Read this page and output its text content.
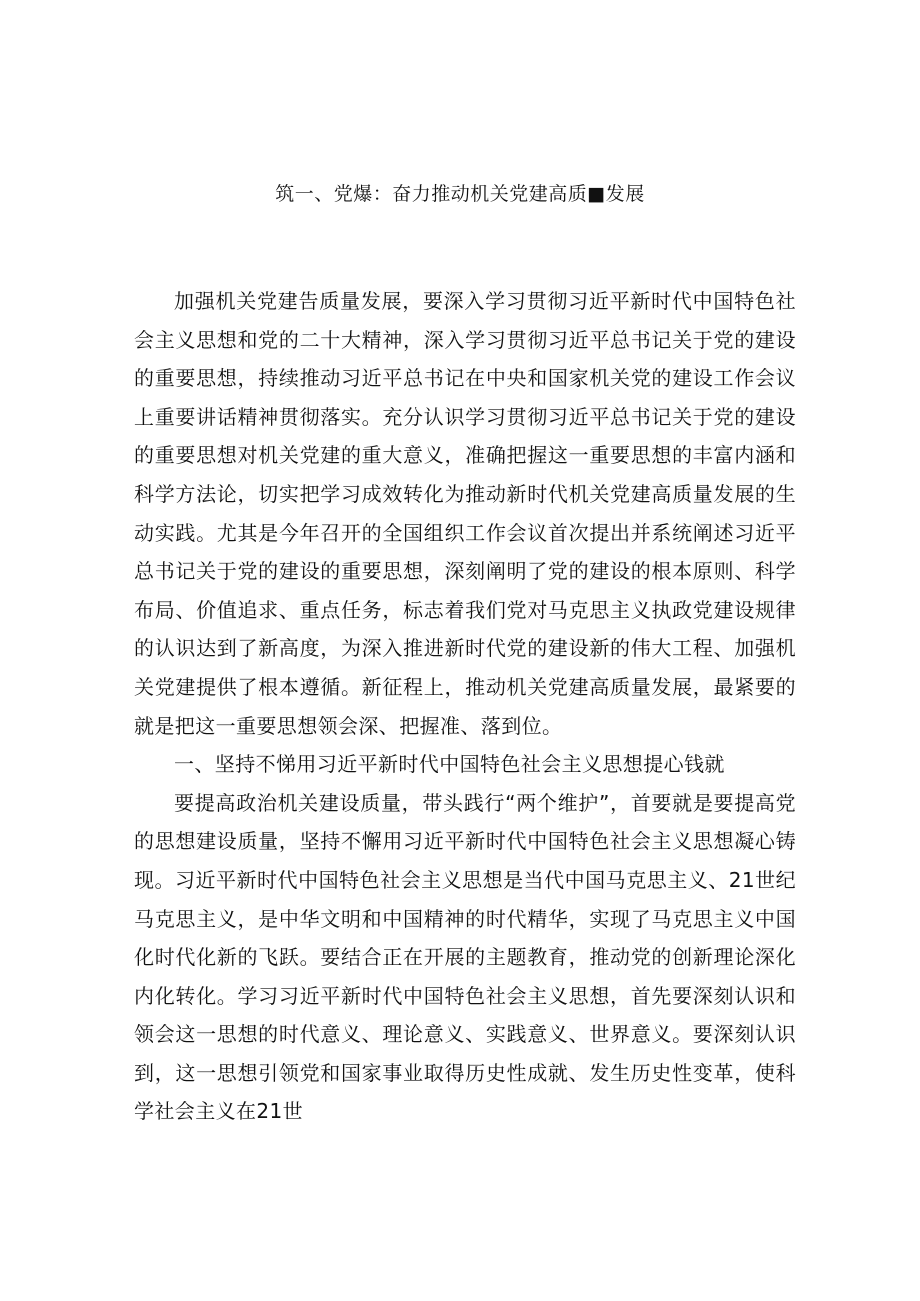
筑一、党爆：奋力推动机关党建高质■发展

加强机关党建告质量发展，要深入学习贯彻习近平新时代中国特色社会主义思想和党的二十大精神，深入学习贯彻习近平总书记关于党的建设的重要思想，持续推动习近平总书记在中央和国家机关党的建设工作会议上重要讲话精神贯彻落实。充分认识学习贯彻习近平总书记关于党的建设的重要思想对机关党建的重大意义，准确把握这一重要思想的丰富内涵和科学方法论，切实把学习成效转化为推动新时代机关党建高质量发展的生动实践。尤其是今年召开的全国组织工作会议首次提出并系统阐述习近平总书记关于党的建设的重要思想，深刻阐明了党的建设的根本原则、科学布局、价值追求、重点任务，标志着我们党对马克思主义执政党建设规律的认识达到了新高度，为深入推进新时代党的建设新的伟大工程、加强机关党建提供了根本遵循。新征程上，推动机关党建高质量发展，最紧要的就是把这一重要思想领会深、把握准、落到位。

一、坚持不悌用习近平新时代中国特色社会主义思想提心钱就

要提高政治机关建设质量，带头践行“两个维护”，首要就是要提高党的思想建设质量，坚持不懈用习近平新时代中国特色社会主义思想凝心铸现。习近平新时代中国特色社会主义思想是当代中国马克思主义、21世纪马克思主义，是中华文明和中国精神的时代精华，实现了马克思主义中国化时代化新的飞跃。要结合正在开展的主题教育，推动党的创新理论深化内化转化。学习习近平新时代中国特色社会主义思想，首先要深刻认识和领会这一思想的时代意义、理论意义、实践意义、世界意义。要深刻认识到，这一思想引领党和国家事业取得历史性成就、发生历史性变革，使科学社会主义在21世
